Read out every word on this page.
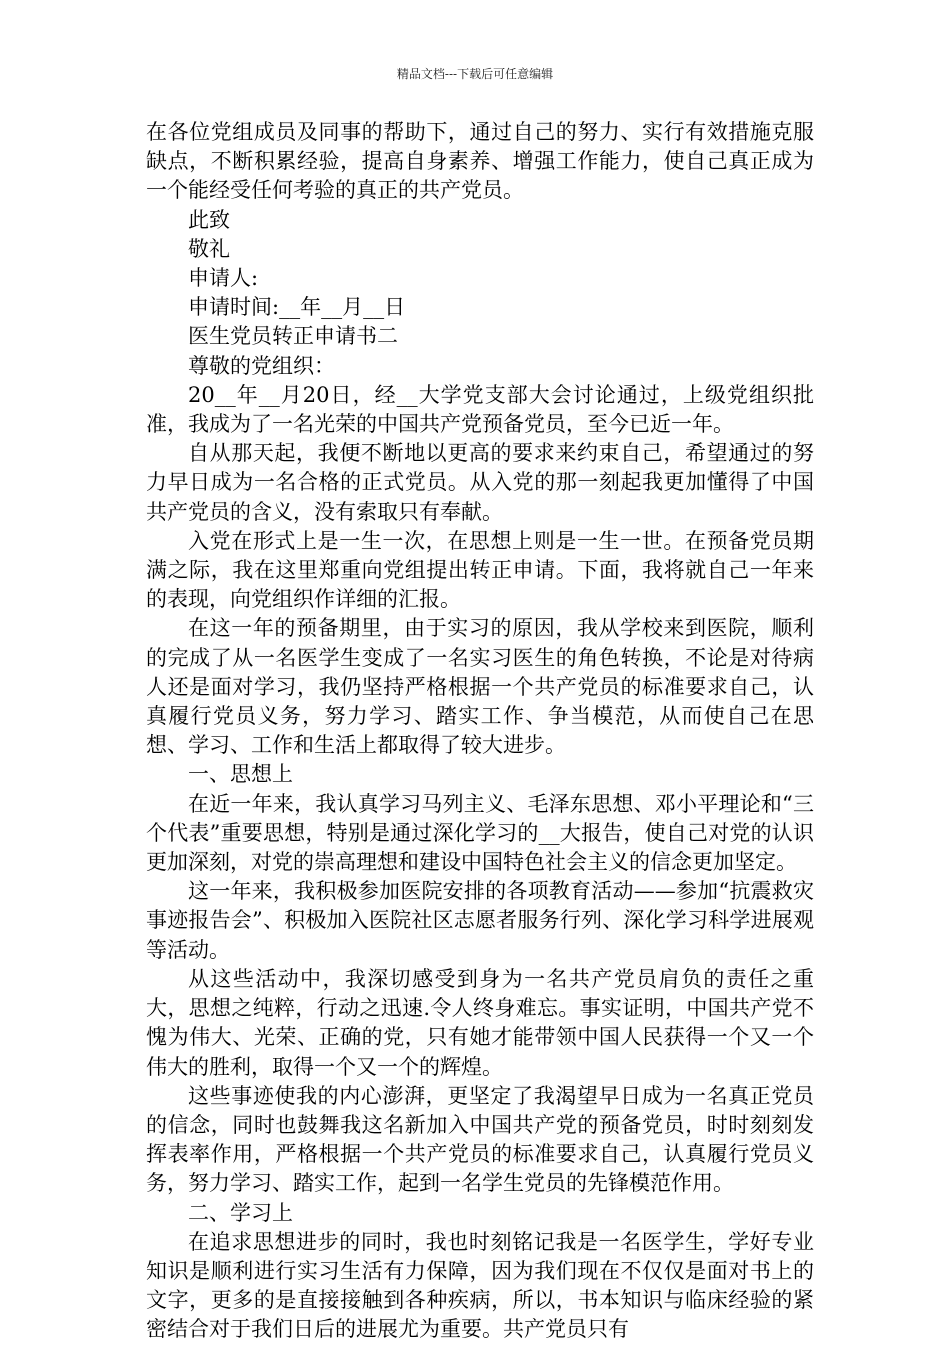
精品文档---下载后可任意编辑

在各位党组成员及同事的帮助下，通过自己的努力、实行有效措施克服缺点，不断积累经验，提高自身素养、增强工作能力，使自己真正成为一个能经受任何考验的真正的共产党员。

此致

敬礼

申请人:

申请时间:__年__月__日

医生党员转正申请书二

尊敬的党组织：

20__年__月20日，经__大学党支部大会讨论通过，上级党组织批准，我成为了一名光荣的中国共产党预备党员，至今已近一年。

自从那天起，我便不断地以更高的要求来约束自己，希望通过的努力早日成为一名合格的正式党员。从入党的那一刻起我更加懂得了中国共产党员的含义，没有索取只有奉献。

入党在形式上是一生一次，在思想上则是一生一世。在预备党员期满之际，我在这里郑重向党组提出转正申请。下面，我将就自己一年来的表现，向党组织作详细的汇报。

在这一年的预备期里，由于实习的原因，我从学校来到医院，顺利的完成了从一名医学生变成了一名实习医生的角色转换，不论是对待病人还是面对学习，我仍坚持严格根据一个共产党员的标准要求自己，认真履行党员义务，努力学习、踏实工作、争当模范，从而使自己在思想、学习、工作和生活上都取得了较大进步。

一、思想上

在近一年来，我认真学习马列主义、毛泽东思想、邓小平理论和“三个代表”重要思想，特别是通过深化学习的__大报告，使自己对党的认识更加深刻，对党的崇高理想和建设中国特色社会主义的信念更加坚定。

这一年来，我积极参加医院安排的各项教育活动——参加“抗震救灾事迹报告会”、积极加入医院社区志愿者服务行列、深化学习科学进展观等活动。

从这些活动中，我深切感受到身为一名共产党员肩负的责任之重大，思想之纯粹，行动之迅速.令人终身难忘。事实证明，中国共产党不愧为伟大、光荣、正确的党，只有她才能带领中国人民获得一个又一个伟大的胜利，取得一个又一个的辉煌。

这些事迹使我的内心澎湃，更坚定了我渴望早日成为一名真正党员的信念，同时也鼓舞我这名新加入中国共产党的预备党员，时时刻刻发挥表率作用，严格根据一个共产党员的标准要求自己，认真履行党员义务，努力学习、踏实工作，起到一名学生党员的先锋模范作用。

二、学习上

在追求思想进步的同时，我也时刻铭记我是一名医学生，学好专业知识是顺利进行实习生活有力保障，因为我们现在不仅仅是面对书上的文字，更多的是直接接触到各种疾病，所以，书本知识与临床经验的紧密结合对于我们日后的进展尤为重要。共产党员只有
